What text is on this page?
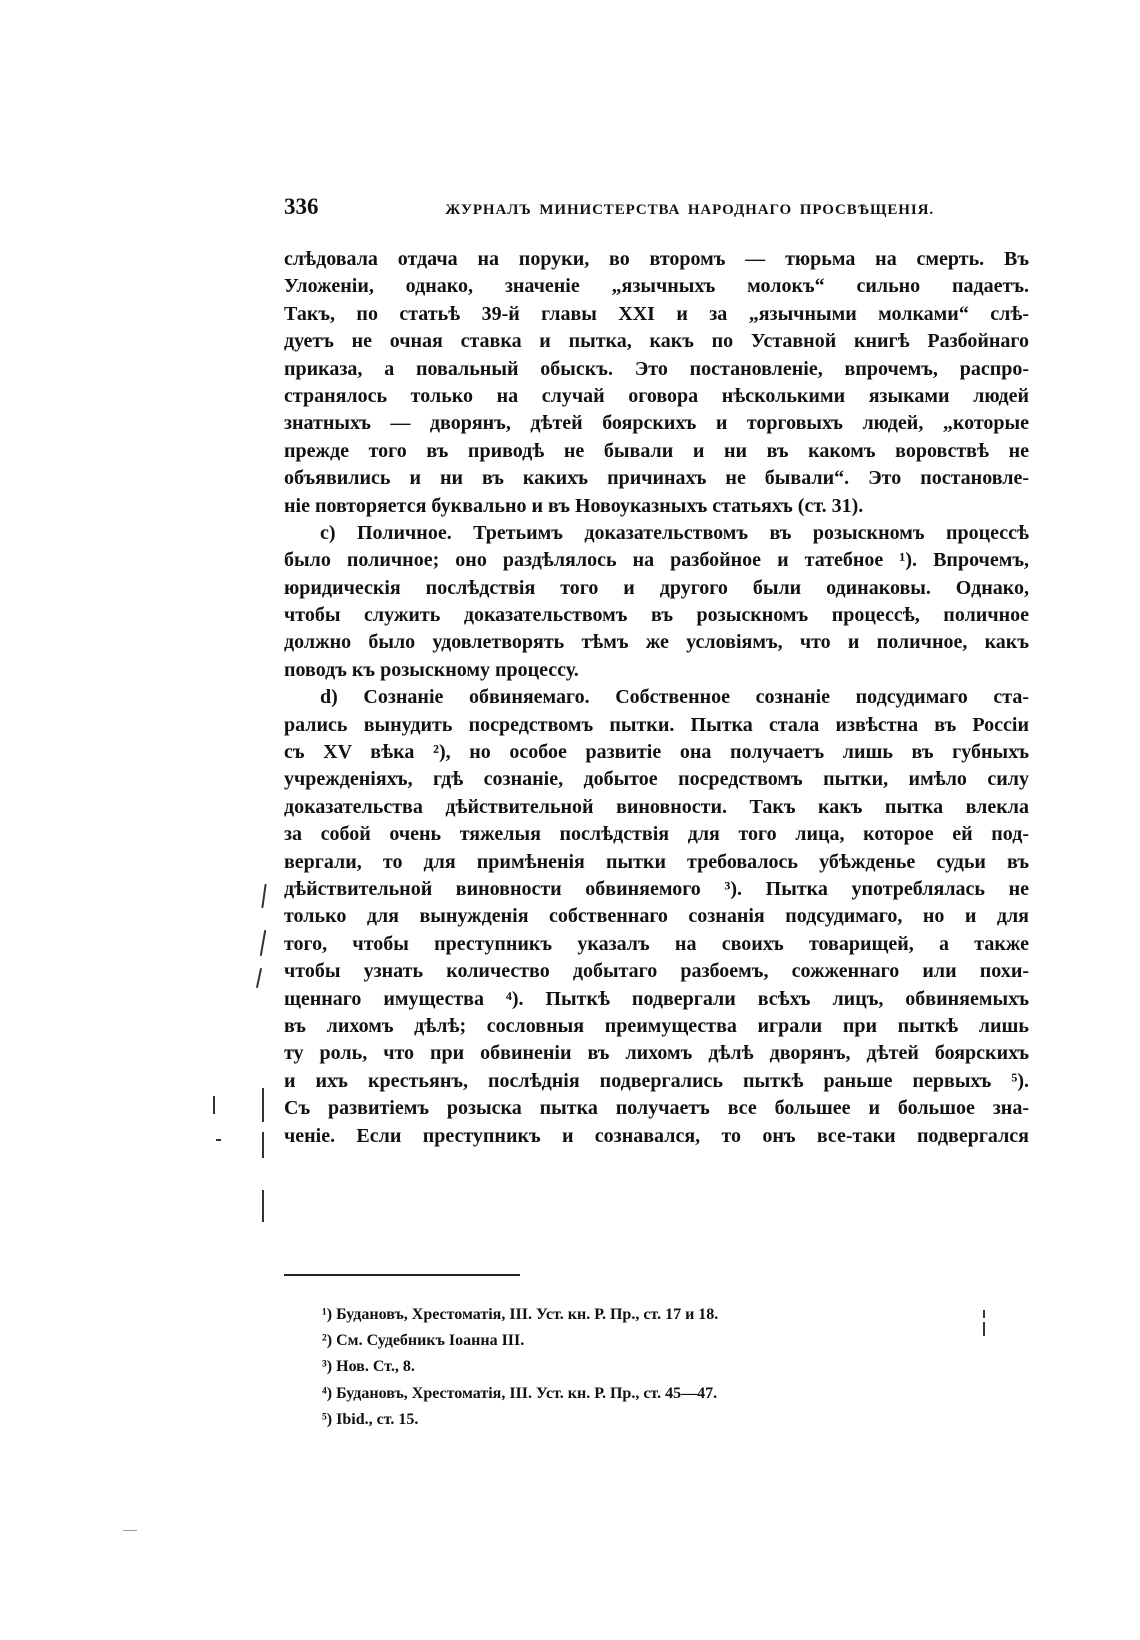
336	ЖУРНАЛЪ МИНИСТЕРСТВА НАРОДНАГО ПРОСВѢЩЕНІЯ.
слѣдовала отдача на поруки, во второмъ — тюрьма на смерть. Въ
Уложеніи, однако, значеніе „язычныхъ молокъ“ сильно падаетъ.
Такъ, по статьѣ 39-й главы XXI и за „язычными молками“ слѣ-
дуетъ не очная ставка и пытка, какъ по Уставной книгѣ Разбойнаго
приказа, а повальный обыскъ. Это постановленіе, впрочемъ, распро-
странялось только на случай оговора нѣсколькими языками людей
знатныхъ — дворянъ, дѣтей боярскихъ и торговыхъ людей, „которые
прежде того въ приводѣ не бывали и ни въ какомъ воровствѣ не
объявились и ни въ какихъ причинахъ не бывали“. Это постановле-
ніе повторяется буквально и въ Новоуказныхъ статьяхъ (ст. 31).
c) Поличное. Третьимъ доказательствомъ въ розыскномъ процессѣ
было поличное; оно раздѣлялось на разбойное и татебное ¹). Впрочемъ,
юридическія послѣдствія того и другого были одинаковы. Однако,
чтобы служить доказательствомъ въ розыскномъ процессѣ, поличное
должно было удовлетворять тѣмъ же условіямъ, что и поличное, какъ
поводъ къ розыскному процессу.
d) Сознаніе обвиняемаго. Собственное сознаніе подсудимаго ста-
рались вынудить посредствомъ пытки. Пытка стала извѣстна въ Россіи
съ XV вѣка ²), но особое развитіе она получаетъ лишь въ губныхъ
учрежденіяхъ, гдѣ сознаніе, добытое посредствомъ пытки, имѣло силу
доказательства дѣйствительной виновности. Такъ какъ пытка влекла
за собой очень тяжелыя послѣдствія для того лица, которое ей под-
вергали, то для примѣненія пытки требовалось убѣжденье судьи въ
дѣйствительной виновности обвиняемого ³). Пытка употреблялась не
только для вынужденія собственнаго сознанія подсудимаго, но и для
того, чтобы преступникъ указалъ на своихъ товарищей, а также
чтобы узнать количество добытаго разбоемъ, сожженнаго или похи-
щеннаго имущества ⁴). Пыткѣ подвергали всѣхъ лицъ, обвиняемыхъ
въ лихомъ дѣлѣ; сословныя преимущества играли при пыткѣ лишь
ту роль, что при обвиненіи въ лихомъ дѣлѣ дворянъ, дѣтей боярскихъ
и ихъ крестьянъ, послѣднія подвергались пыткѣ раньше первыхъ ⁵).
Съ развитіемъ розыска пытка получаетъ все большее и большое зна-
ченіе. Если преступникъ и сознавался, то онъ все-таки подвергался
¹) Будановъ, Хрестоматія, III. Уст. кн. Р. Пр., ст. 17 и 18.
²) См. Судебникъ Іоанна III.
³) Нов. Ст., 8.
⁴) Будановъ, Хрестоматія, III. Уст. кн. Р. Пр., ст. 45—47.
⁵) Ibid., ст. 15.
